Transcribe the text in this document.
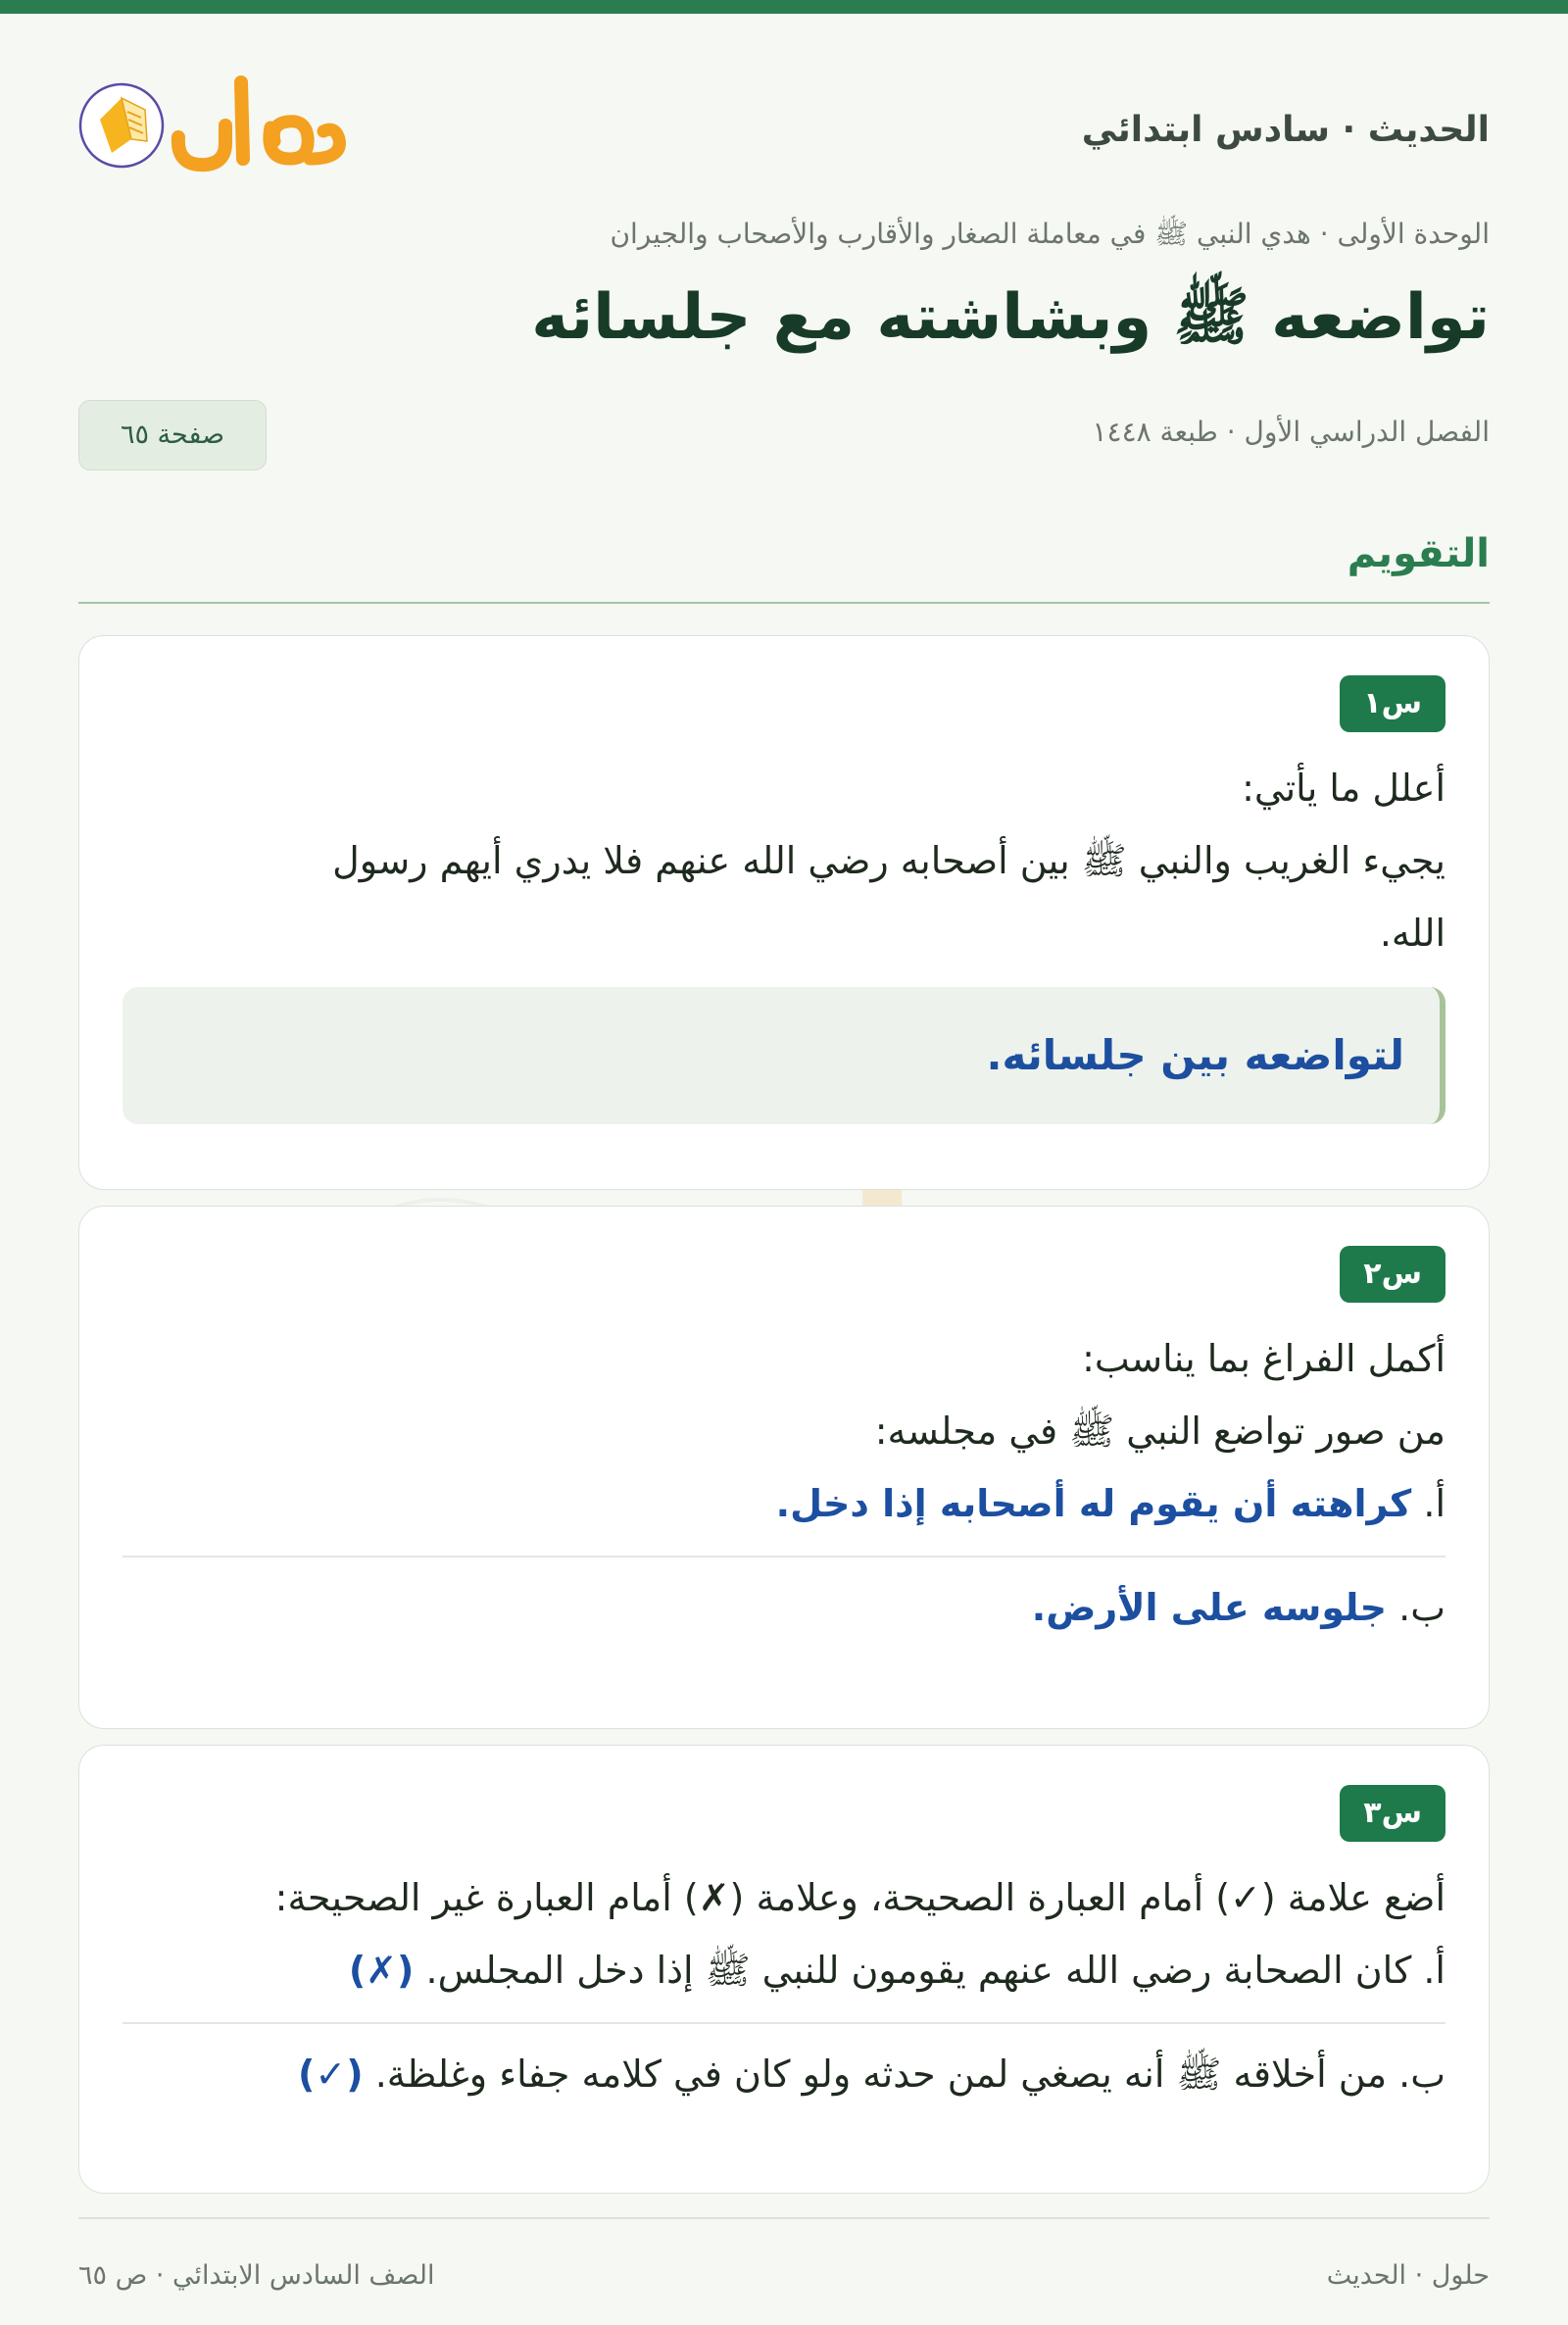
الحديث · سادس ابتدائي
الوحدة الأولى · هدي النبي ﷺ في معاملة الصغار والأقارب والأصحاب والجيران
تواضعه ﷺ وبشاشته مع جلسائه
الفصل الدراسي الأول · طبعة ١٤٤٨
صفحة ٦٥
التقويم
س١
أعلل ما يأتي:
يجيء الغريب والنبي ﷺ بين أصحابه رضي الله عنهم فلا يدري أيهم رسول
الله.
لتواضعه بين جلسائه.
س٢
أكمل الفراغ بما يناسب:
من صور تواضع النبي ﷺ في مجلسه:
أ. كراهته أن يقوم له أصحابه إذا دخل.
ب. جلوسه على الأرض.
س٣
أضع علامة (✓) أمام العبارة الصحيحة، وعلامة (✗) أمام العبارة غير الصحيحة:
أ. كان الصحابة رضي الله عنهم يقومون للنبي ﷺ إذا دخل المجلس. (✗)
ب. من أخلاقه ﷺ أنه يصغي لمن حدثه ولو كان في كلامه جفاء وغلظة. (✓)
حلول · الحديث
الصف السادس الابتدائي · ص ٦٥
